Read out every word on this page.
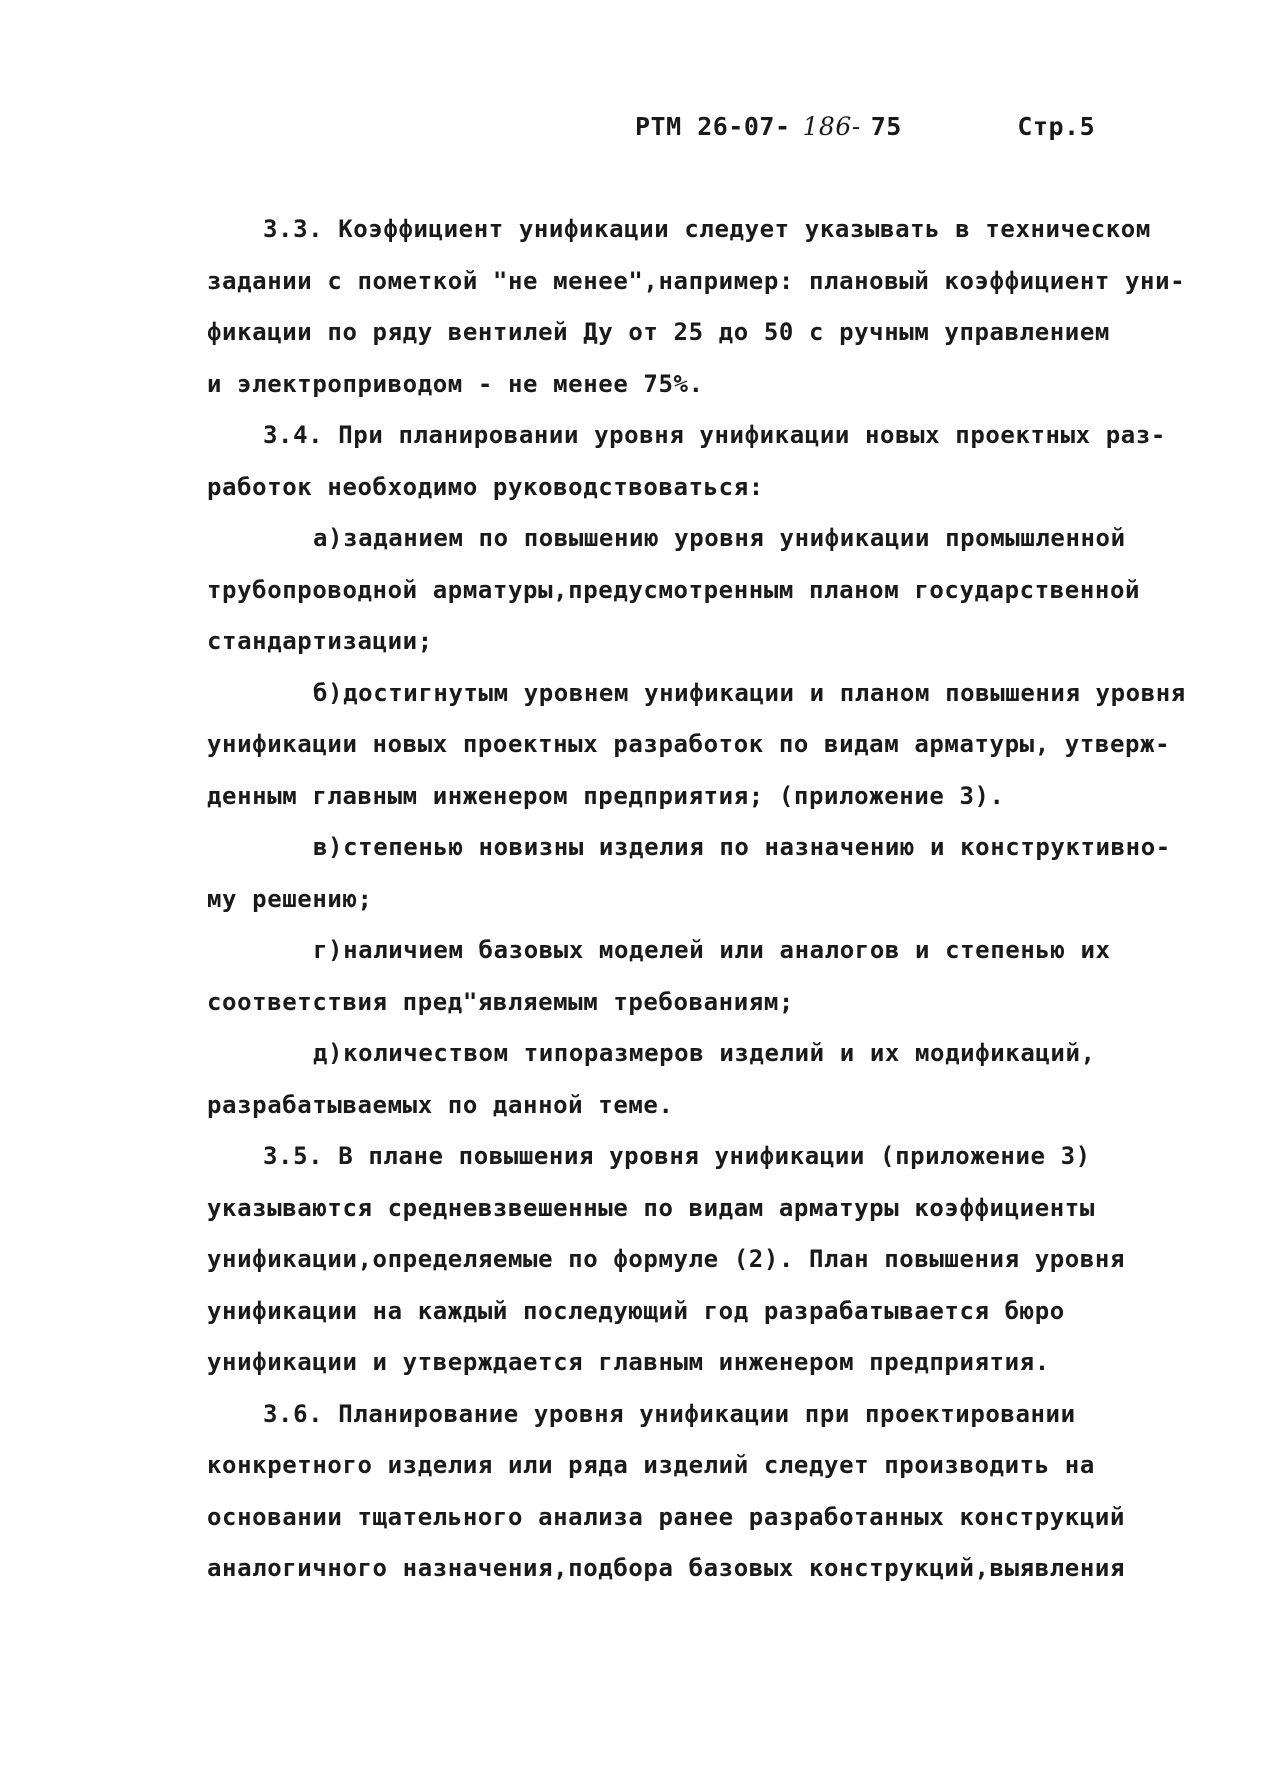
РТМ 26-07- 186- 75	Стр.5
3.3. Коэффициент унификации следует указывать в техническом
задании с пометкой "не менее",например: плановый коэффициент уни-
фикации по ряду вентилей Ду от 25 до 50 с ручным управлением
и электроприводом - не менее 75%.
3.4. При планировании уровня унификации новых проектных раз-
работок необходимо руководствоваться:
а)заданием по повышению уровня унификации промышленной
трубопроводной арматуры,предусмотренным планом государственной
стандартизации;
б)достигнутым уровнем унификации и планом повышения уровня
унификации новых проектных разработок по видам арматуры, утверж-
денным главным инженером предприятия; (приложение 3).
в)степенью новизны изделия по назначению и конструктивно-
му решению;
г)наличием базовых моделей или аналогов и степенью их
соответствия пред"являемым требованиям;
д)количеством типоразмеров изделий и их модификаций,
разрабатываемых по данной теме.
3.5. В плане повышения уровня унификации (приложение 3)
указываются средневзвешенные по видам арматуры коэффициенты
унификации,определяемые по формуле (2). План повышения уровня
унификации на каждый последующий год разрабатывается бюро
унификации и утверждается главным инженером предприятия.
3.6. Планирование уровня унификации при проектировании
конкретного изделия или ряда изделий следует производить на
основании тщательного анализа ранее разработанных конструкций
аналогичного назначения,подбора базовых конструкций,выявления
